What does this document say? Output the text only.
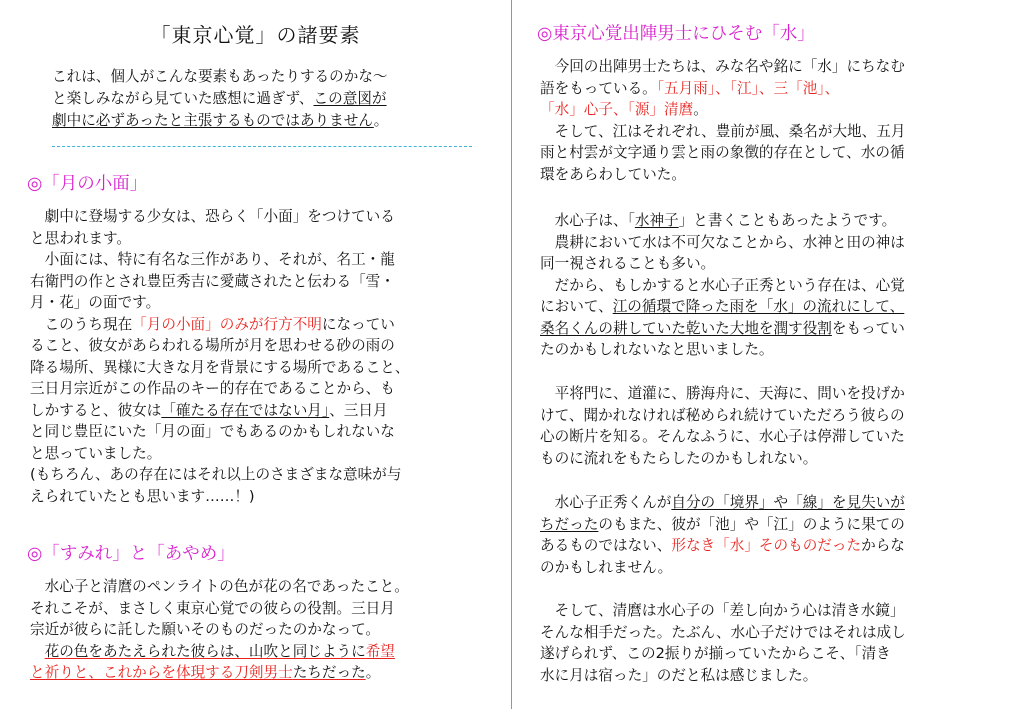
「東京心覚」の諸要素
これは、個人がこんな要素もあったりするのかな～
と楽しみながら見ていた感想に過ぎず、この意図が
劇中に必ずあったと主張するものではありません。
◎「月の小面」
　劇中に登場する少女は、恐らく「小面」をつけている
と思われます。
　小面には、特に有名な三作があり、それが、名工・龍
右衛門の作とされ豊臣秀吉に愛蔵されたと伝わる「雪・
月・花」の面です。
　このうち現在「月の小面」のみが行方不明になってい
ること、彼女があらわれる場所が月を思わせる砂の雨の
降る場所、異様に大きな月を背景にする場所であること、
三日月宗近がこの作品のキー的存在であることから、も
しかすると、彼女は「確たる存在ではない月」、三日月
と同じ豊臣にいた「月の面」でもあるのかもしれないな
と思っていました。
(もちろん、あの存在にはそれ以上のさまざまな意味が与
えられていたとも思います……！)
◎「すみれ」と「あやめ」
　水心子と清麿のペンライトの色が花の名であったこと。
それこそが、まさしく東京心覚での彼らの役割。三日月
宗近が彼らに託した願いそのものだったのかなって。
　花の色をあたえられた彼らは、山吹と同じように希望
と祈りと、これからを体現する刀剣男士たちだった。
◎東京心覚出陣男士にひそむ「水」
　今回の出陣男士たちは、みな名や銘に「水」にちなむ
語をもっている。「五月雨」、「江」、三「池」、
「水」心子、「源」清麿。
　そして、江はそれぞれ、豊前が風、桑名が大地、五月
雨と村雲が文字通り雲と雨の象徴的存在として、水の循
環をあらわしていた。
　水心子は、「水神子」と書くこともあったようです。
　農耕において水は不可欠なことから、水神と田の神は
同一視されることも多い。
　だから、もしかすると水心子正秀という存在は、心覚
において、江の循環で降った雨を「水」の流れにして、
桑名くんの耕していた乾いた大地を潤す役割をもってい
たのかもしれないなと思いました。
　平将門に、道灌に、勝海舟に、天海に、問いを投げか
けて、聞かれなければ秘められ続けていただろう彼らの
心の断片を知る。そんなふうに、水心子は停滞していた
ものに流れをもたらしたのかもしれない。
　水心子正秀くんが自分の「境界」や「線」を見失いが
ちだったのもまた、彼が「池」や「江」のように果ての
あるものではない、形なき「水」そのものだったからな
のかもしれません。
　そして、清麿は水心子の「差し向かう心は清き水鏡」
そんな相手だった。たぶん、水心子だけではそれは成し
遂げられず、この2振りが揃っていたからこそ、「清き
水に月は宿った」のだと私は感じました。
